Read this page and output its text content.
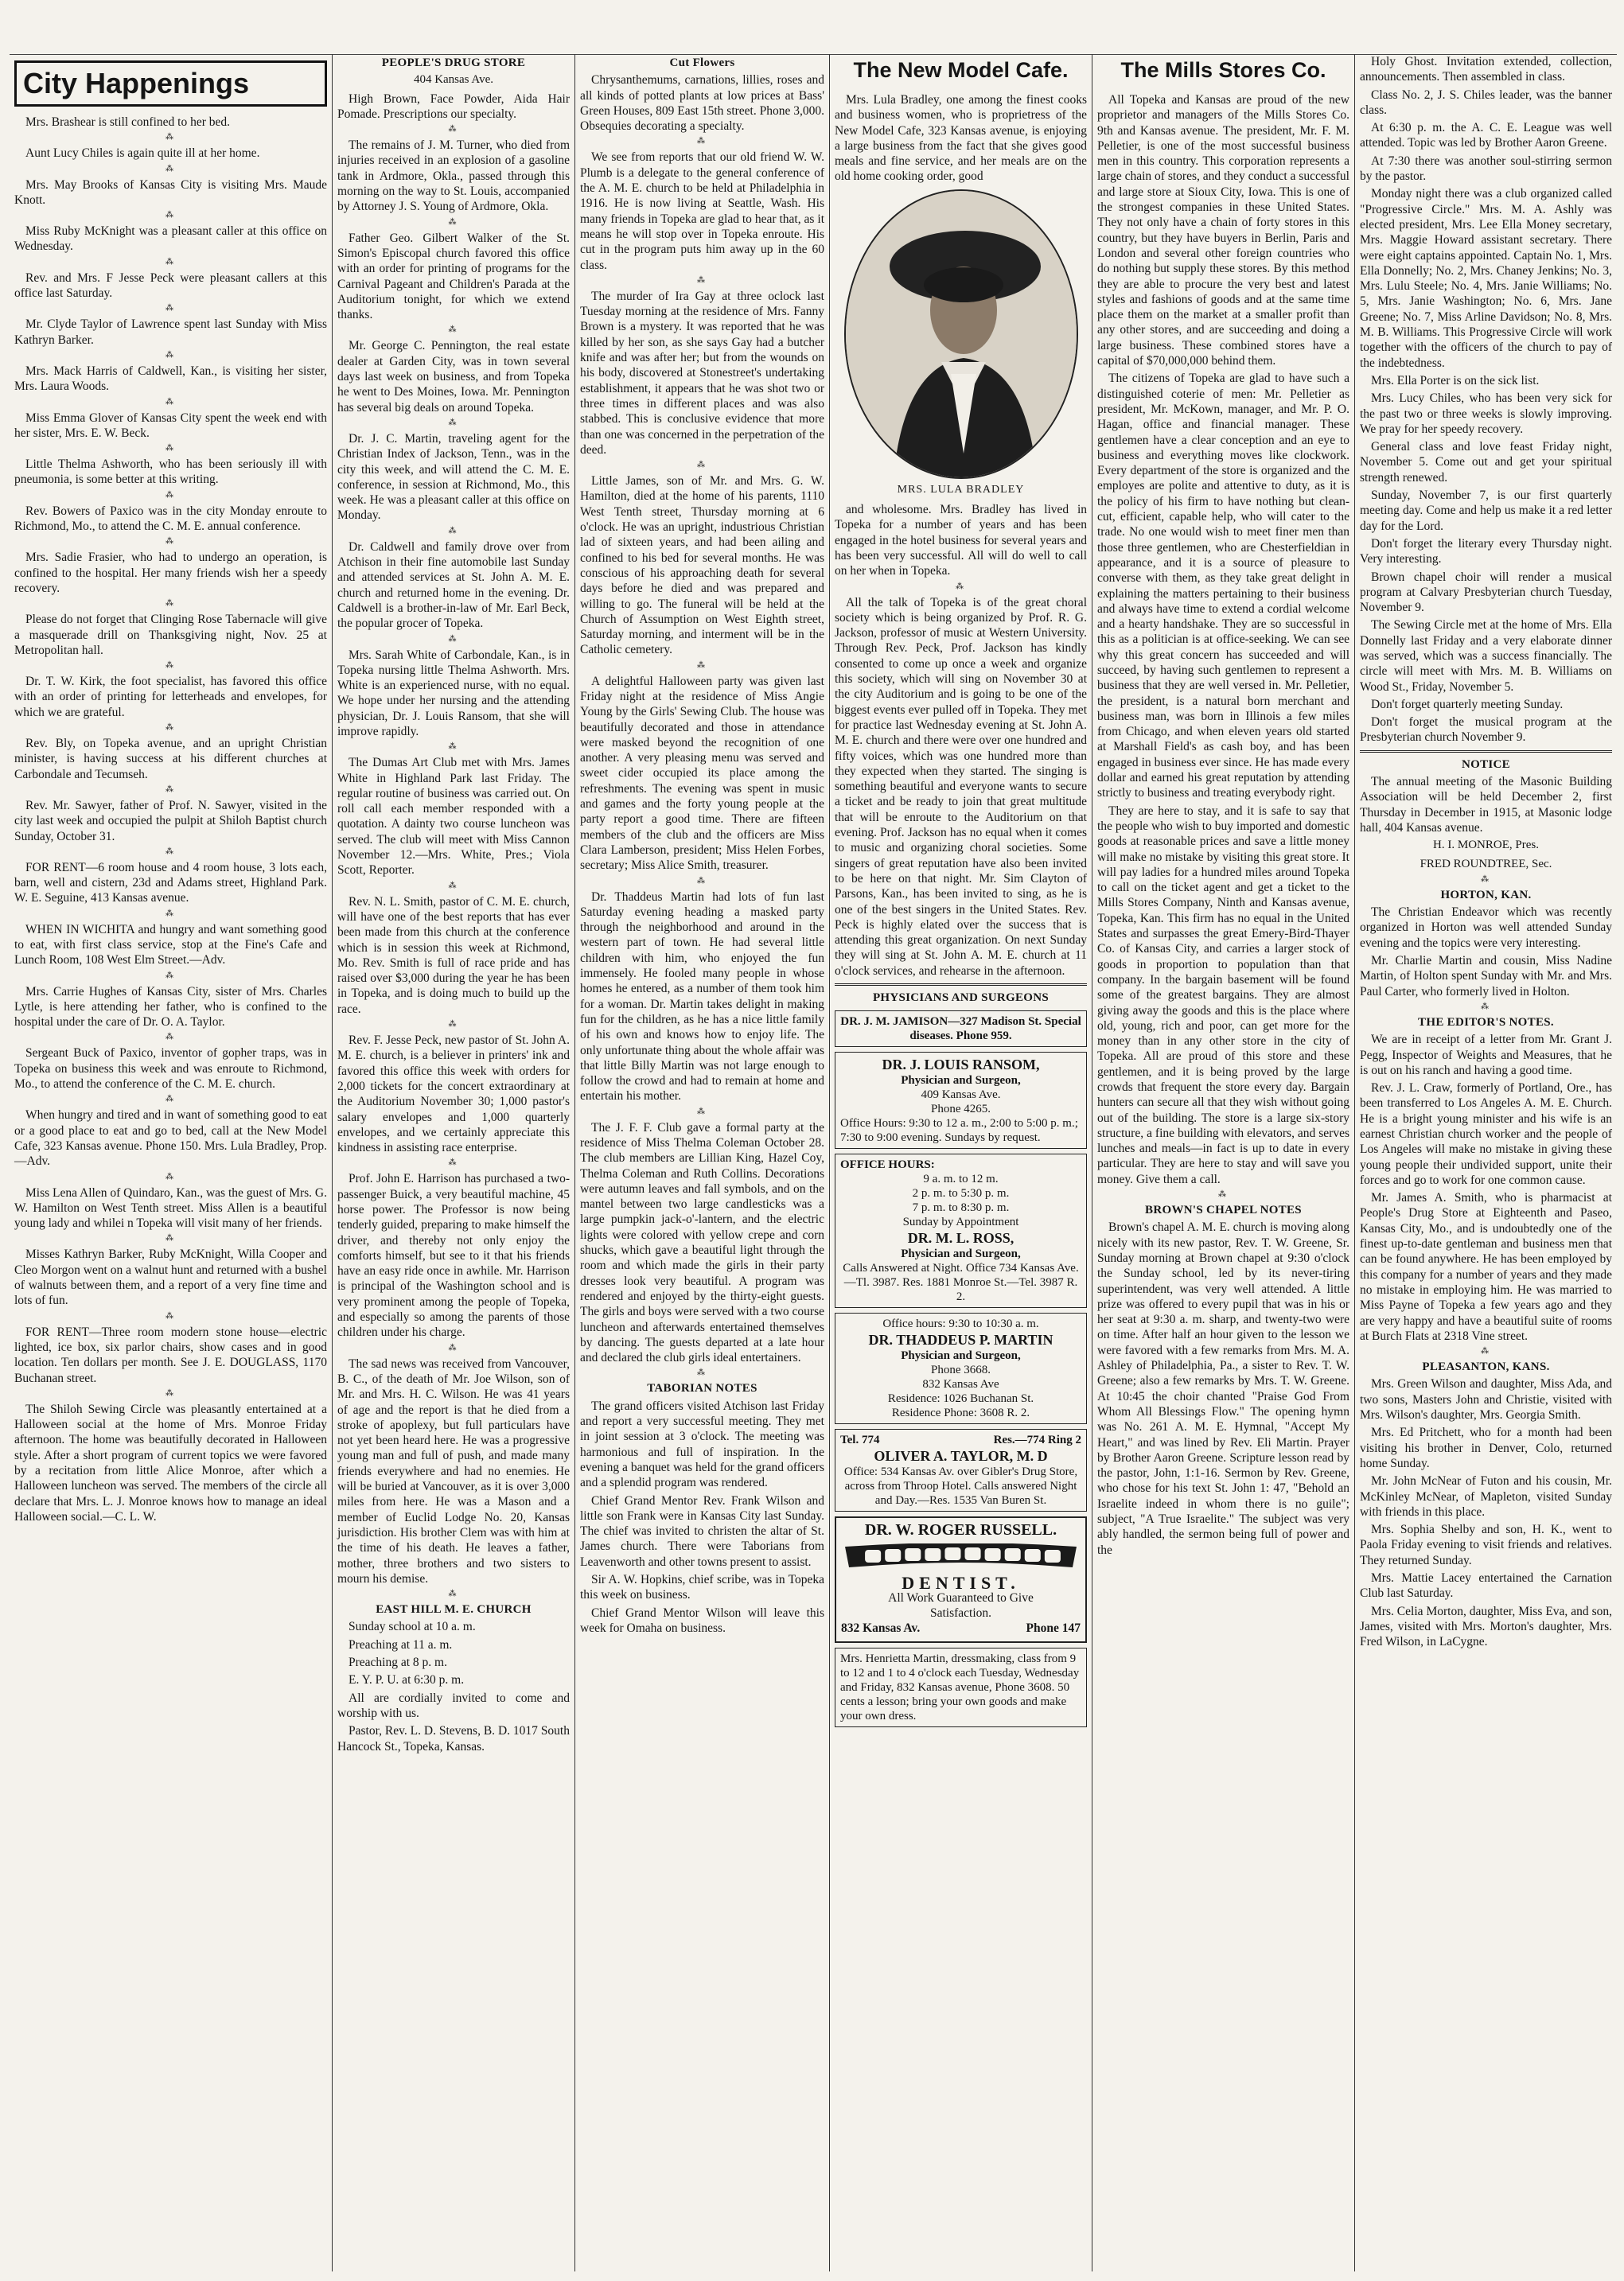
City Happenings

Mrs. Brashear is still confined to her bed.

⁂

Aunt Lucy Chiles is again quite ill at her home.

⁂

Mrs. May Brooks of Kansas City is visiting Mrs. Maude Knott.

⁂

Miss Ruby McKnight was a pleasant caller at this office on Wednesday.

⁂

Rev. and Mrs. F Jesse Peck were pleasant callers at this office last Saturday.

⁂

Mr. Clyde Taylor of Lawrence spent last Sunday with Miss Kathryn Barker.

⁂

Mrs. Mack Harris of Caldwell, Kan., is visiting her sister, Mrs. Laura Woods.

⁂

Miss Emma Glover of Kansas City spent the week end with her sister, Mrs. E. W. Beck.

⁂

Little Thelma Ashworth, who has been seriously ill with pneumonia, is some better at this writing.

⁂

Rev. Bowers of Paxico was in the city Monday enroute to Richmond, Mo., to attend the C. M. E. annual conference.

⁂

Mrs. Sadie Frasier, who had to undergo an operation, is confined to the hospital. Her many friends wish her a speedy recovery.

⁂

Please do not forget that Clinging Rose Tabernacle will give a masquerade drill on Thanksgiving night, Nov. 25 at Metropolitan hall.

⁂

Dr. T. W. Kirk, the foot specialist, has favored this office with an order of printing for letterheads and envelopes, for which we are grateful.

⁂

Rev. Bly, on Topeka avenue, and an upright Christian minister, is having success at his different churches at Carbondale and Tecumseh.

⁂

Rev. Mr. Sawyer, father of Prof. N. Sawyer, visited in the city last week and occupied the pulpit at Shiloh Baptist church Sunday, October 31.

⁂

FOR RENT—6 room house and 4 room house, 3 lots each, barn, well and cistern, 23d and Adams street, Highland Park. W. E. Seguine, 413 Kansas avenue.

⁂

WHEN IN WICHITA and hungry and want something good to eat, with first class service, stop at the Fine's Cafe and Lunch Room, 108 West Elm Street.—Adv.

⁂

Mrs. Carrie Hughes of Kansas City, sister of Mrs. Charles Lytle, is here attending her father, who is confined to the hospital under the care of Dr. O. A. Taylor.

⁂

Sergeant Buck of Paxico, inventor of gopher traps, was in Topeka on business this week and was enroute to Richmond, Mo., to attend the conference of the C. M. E. church.

⁂

When hungry and tired and in want of something good to eat or a good place to eat and go to bed, call at the New Model Cafe, 323 Kansas avenue. Phone 150. Mrs. Lula Bradley, Prop.—Adv.

⁂

Miss Lena Allen of Quindaro, Kan., was the guest of Mrs. G. W. Hamilton on West Tenth street. Miss Allen is a beautiful young lady and whilei n Topeka will visit many of her friends.

⁂

Misses Kathryn Barker, Ruby McKnight, Willa Cooper and Cleo Morgon went on a walnut hunt and returned with a bushel of walnuts between them, and a report of a very fine time and lots of fun.

⁂

FOR RENT—Three room modern stone house—electric lighted, ice box, six parlor chairs, show cases and in good location. Ten dollars per month. See J. E. DOUGLASS, 1170 Buchanan street.

⁂

The Shiloh Sewing Circle was pleasantly entertained at a Halloween social at the home of Mrs. Monroe Friday afternoon. The home was beautifully decorated in Halloween style. After a short program of current topics we were favored by a recitation from little Alice Monroe, after which a Halloween luncheon was served. The members of the circle all declare that Mrs. L. J. Monroe knows how to manage an ideal Halloween social.—C. L. W.

PEOPLE'S DRUG STORE
404 Kansas Ave.

High Brown, Face Powder, Aida Hair Pomade. Prescriptions our specialty.

⁂

The remains of J. M. Turner, who died from injuries received in an explosion of a gasoline tank in Ardmore, Okla., passed through this morning on the way to St. Louis, accompanied by Attorney J. S. Young of Ardmore, Okla.

⁂

Father Geo. Gilbert Walker of the St. Simon's Episcopal church favored this office with an order for printing of programs for the Carnival Pageant and Children's Parada at the Auditorium tonight, for which we extend thanks.

⁂

Mr. George C. Pennington, the real estate dealer at Garden City, was in town several days last week on business, and from Topeka he went to Des Moines, Iowa. Mr. Pennington has several big deals on around Topeka.

⁂

Dr. J. C. Martin, traveling agent for the Christian Index of Jackson, Tenn., was in the city this week, and will attend the C. M. E. conference, in session at Richmond, Mo., this week. He was a pleasant caller at this office on Monday.

⁂

Dr. Caldwell and family drove over from Atchison in their fine automobile last Sunday and attended services at St. John A. M. E. church and returned home in the evening. Dr. Caldwell is a brother-in-law of Mr. Earl Beck, the popular grocer of Topeka.

⁂

Mrs. Sarah White of Carbondale, Kan., is in Topeka nursing little Thelma Ashworth. Mrs. White is an experienced nurse, with no equal. We hope under her nursing and the attending physician, Dr. J. Louis Ransom, that she will improve rapidly.

⁂

The Dumas Art Club met with Mrs. James White in Highland Park last Friday. The regular routine of business was carried out. On roll call each member responded with a quotation. A dainty two course luncheon was served. The club will meet with Miss Cannon November 12.—Mrs. White, Pres.; Viola Scott, Reporter.

⁂

Rev. N. L. Smith, pastor of C. M. E. church, will have one of the best reports that has ever been made from this church at the conference which is in session this week at Richmond, Mo. Rev. Smith is full of race pride and has raised over $3,000 during the year he has been in Topeka, and is doing much to build up the race.

⁂

Rev. F. Jesse Peck, new pastor of St. John A. M. E. church, is a believer in printers' ink and favored this office this week with orders for 2,000 tickets for the concert extraordinary at the Auditorium November 30; 1,000 pastor's salary envelopes and 1,000 quarterly envelopes, and we certainly appreciate this kindness in assisting race enterprise.

⁂

Prof. John E. Harrison has purchased a two-passenger Buick, a very beautiful machine, 45 horse power. The Professor is now being tenderly guided, preparing to make himself the driver, and thereby not only enjoy the comforts himself, but see to it that his friends have an easy ride once in awhile. Mr. Harrison is principal of the Washington school and is very prominent among the people of Topeka, and especially so among the parents of those children under his charge.

⁂

The sad news was received from Vancouver, B. C., of the death of Mr. Joe Wilson, son of Mr. and Mrs. H. C. Wilson. He was 41 years of age and the report is that he died from a stroke of apoplexy, but full particulars have not yet been heard here. He was a progressive young man and full of push, and made many friends everywhere and had no enemies. He will be buried at Vancouver, as it is over 3,000 miles from here. He was a Mason and a member of Euclid Lodge No. 20, Kansas jurisdiction. His brother Clem was with him at the time of his death. He leaves a father, mother, three brothers and two sisters to mourn his demise.

⁂
EAST HILL M. E. CHURCH

Sunday school at 10 a. m.

Preaching at 11 a. m.

Preaching at 8 p. m.

E. Y. P. U. at 6:30 p. m.

All are cordially invited to come and worship with us.

Pastor, Rev. L. D. Stevens, B. D. 1017 South Hancock St., Topeka, Kansas.

Cut Flowers

Chrysanthemums, carnations, lillies, roses and all kinds of potted plants at low prices at Bass' Green Houses, 809 East 15th street. Phone 3,000. Obsequies decorating a specialty.

⁂

We see from reports that our old friend W. W. Plumb is a delegate to the general conference of the A. M. E. church to be held at Philadelphia in 1916. He is now living at Seattle, Wash. His many friends in Topeka are glad to hear that, as it means he will stop over in Topeka enroute. His cut in the program puts him away up in the 60 class.

⁂

The murder of Ira Gay at three oclock last Tuesday morning at the residence of Mrs. Fanny Brown is a mystery. It was reported that he was killed by her son, as she says Gay had a butcher knife and was after her; but from the wounds on his body, discovered at Stonestreet's undertaking establishment, it appears that he was shot two or three times in different places and was also stabbed. This is conclusive evidence that more than one was concerned in the perpetration of the deed.

⁂

Little James, son of Mr. and Mrs. G. W. Hamilton, died at the home of his parents, 1110 West Tenth street, Thursday morning at 6 o'clock. He was an upright, industrious Christian lad of sixteen years, and had been ailing and confined to his bed for several months. He was conscious of his approaching death for several days before he died and was prepared and willing to go. The funeral will be held at the Church of Assumption on West Eighth street, Saturday morning, and interment will be in the Catholic cemetery.

⁂

A delightful Halloween party was given last Friday night at the residence of Miss Angie Young by the Girls' Sewing Club. The house was beautifully decorated and those in attendance were masked beyond the recognition of one another. A very pleasing menu was served and sweet cider occupied its place among the refreshments. The evening was spent in music and games and the forty young people at the party report a good time. There are fifteen members of the club and the officers are Miss Clara Lamberson, president; Miss Helen Forbes, secretary; Miss Alice Smith, treasurer.

⁂

Dr. Thaddeus Martin had lots of fun last Saturday evening heading a masked party through the neighborhood and around in the western part of town. He had several little children with him, who enjoyed the fun immensely. He fooled many people in whose homes he entered, as a number of them took him for a woman. Dr. Martin takes delight in making fun for the children, as he has a nice little family of his own and knows how to enjoy life. The only unfortunate thing about the whole affair was that little Billy Martin was not large enough to follow the crowd and had to remain at home and entertain his mother.

⁂

The J. F. F. Club gave a formal party at the residence of Miss Thelma Coleman October 28. The club members are Lillian King, Hazel Coy, Thelma Coleman and Ruth Collins. Decorations were autumn leaves and fall symbols, and on the mantel between two large candlesticks was a large pumpkin jack-o'-lantern, and the electric lights were colored with yellow crepe and corn shucks, which gave a beautiful light through the room and which made the girls in their party dresses look very beautiful. A program was rendered and enjoyed by the thirty-eight guests. The girls and boys were served with a two course luncheon and afterwards entertained themselves by dancing. The guests departed at a late hour and declared the club girls ideal entertainers.

⁂
TABORIAN NOTES

The grand officers visited Atchison last Friday and report a very successful meeting. They met in joint session at 3 o'clock. The meeting was harmonious and full of inspiration. In the evening a banquet was held for the grand officers and a splendid program was rendered.

Chief Grand Mentor Rev. Frank Wilson and little son Frank were in Kansas City last Sunday. The chief was invited to christen the altar of St. James church. There were Taborians from Leavenworth and other towns present to assist.

Sir A. W. Hopkins, chief scribe, was in Topeka this week on business.

Chief Grand Mentor Wilson will leave this week for Omaha on business.

The New Model Cafe.

Mrs. Lula Bradley, one among the finest cooks and business women, who is proprietress of the New Model Cafe, 323 Kansas avenue, is enjoying a large business from the fact that she gives good meals and fine service, and her meals are on the old home cooking order, good

MRS. LULA BRADLEY

and wholesome. Mrs. Bradley has lived in Topeka for a number of years and has been engaged in the hotel business for several years and has been very successful. All will do well to call on her when in Topeka.

⁂

All the talk of Topeka is of the great choral society which is being organized by Prof. R. G. Jackson, professor of music at Western University. Through Rev. Peck, Prof. Jackson has kindly consented to come up once a week and organize this society, which will sing on November 30 at the city Auditorium and is going to be one of the biggest events ever pulled off in Topeka. They met for practice last Wednesday evening at St. John A. M. E. church and there were over one hundred and fifty voices, which was one hundred more than they expected when they started. The singing is something beautiful and everyone wants to secure a ticket and be ready to join that great multitude that will be enroute to the Auditorium on that evening. Prof. Jackson has no equal when it comes to music and organizing choral societies. Some singers of great reputation have also been invited to be here on that night. Mr. Sim Clayton of Parsons, Kan., has been invited to sing, as he is one of the best singers in the United States. Rev. Peck is highly elated over the success that is attending this great organization. On next Sunday they will sing at St. John A. M. E. church at 11 o'clock services, and rehearse in the afternoon.

PHYSICIANS AND SURGEONS
DR. J. M. JAMISON—327 Madison St. Special diseases. Phone 959.
DR. J. LOUIS RANSOM,
Physician and Surgeon,
409 Kansas Ave.
Phone 4265.
Office Hours: 9:30 to 12 a. m., 2:00 to 5:00 p. m.; 7:30 to 9:00 evening. Sundays by request.
OFFICE HOURS:
9 a. m. to 12 m.
2 p. m. to 5:30 p. m.
7 p. m. to 8:30 p. m.
Sunday by Appointment
DR. M. L. ROSS,
Physician and Surgeon,
Calls Answered at Night. Office 734 Kansas Ave.—Tl. 3987. Res. 1881 Monroe St.—Tel. 3987 R. 2.
Office hours: 9:30 to 10:30 a. m.
DR. THADDEUS P. MARTIN
Physician and Surgeon,
Phone 3668.
832 Kansas Ave
Residence: 1026 Buchanan St.
Residence Phone: 3608 R. 2.
Tel. 774	Res.—774 Ring 2
OLIVER A. TAYLOR, M. D
Office: 534 Kansas Av. over Gibler's Drug Store, across from Throop Hotel. Calls answered Night and Day.—Res. 1535 Van Buren St.
DR. W. ROGER RUSSELL.
DENTIST.
All Work Guaranteed to Give
Satisfaction.
832 Kansas Av.	Phone 147
Mrs. Henrietta Martin, dressmaking, class from 9 to 12 and 1 to 4 o'clock each Tuesday, Wednesday and Friday, 832 Kansas avenue, Phone 3608. 50 cents a lesson; bring your own goods and make your own dress.
The Mills Stores Co.

All Topeka and Kansas are proud of the new proprietor and managers of the Mills Stores Co. 9th and Kansas avenue. The president, Mr. F. M. Pelletier, is one of the most successful business men in this country. This corporation represents a large chain of stores, and they conduct a successful and large store at Sioux City, Iowa. This is one of the strongest companies in these United States. They not only have a chain of forty stores in this country, but they have buyers in Berlin, Paris and London and several other foreign countries who do nothing but supply these stores. By this method they are able to procure the very best and latest styles and fashions of goods and at the same time place them on the market at a smaller profit than any other stores, and are succeeding and doing a large business. These combined stores have a capital of $70,000,000 behind them.

The citizens of Topeka are glad to have such a distinguished coterie of men: Mr. Pelletier as president, Mr. McKown, manager, and Mr. P. O. Hagan, office and financial manager. These gentlemen have a clear conception and an eye to business and everything moves like clockwork. Every department of the store is organized and the employes are polite and attentive to duty, as it is the policy of his firm to have nothing but clean-cut, efficient, capable help, who will cater to the trade. No one would wish to meet finer men than those three gentlemen, who are Chesterfieldian in appearance, and it is a source of pleasure to converse with them, as they take great delight in explaining the matters pertaining to their business and always have time to extend a cordial welcome and a hearty handshake. They are so successful in this as a politician is at office-seeking. We can see why this great concern has succeeded and will succeed, by having such gentlemen to represent a business that they are well versed in. Mr. Pelletier, the president, is a natural born merchant and business man, was born in Illinois a few miles from Chicago, and when eleven years old started at Marshall Field's as cash boy, and has been engaged in business ever since. He has made every dollar and earned his great reputation by attending strictly to business and treating everybody right.

They are here to stay, and it is safe to say that the people who wish to buy imported and domestic goods at reasonable prices and save a little money will make no mistake by visiting this great store. It will pay ladies for a hundred miles around Topeka to call on the ticket agent and get a ticket to the Mills Stores Company, Ninth and Kansas avenue, Topeka, Kan. This firm has no equal in the United States and surpasses the great Emery-Bird-Thayer Co. of Kansas City, and carries a larger stock of goods in proportion to population than that company. In the bargain basement will be found some of the greatest bargains. They are almost giving away the goods and this is the place where old, young, rich and poor, can get more for the money than in any other store in the city of Topeka. All are proud of this store and these gentlemen, and it is being proved by the large crowds that frequent the store every day. Bargain hunters can secure all that they wish without going out of the building. The store is a large six-story structure, a fine building with elevators, and serves lunches and meals—in fact is up to date in every particular. They are here to stay and will save you money. Give them a call.

⁂
BROWN'S CHAPEL NOTES

Brown's chapel A. M. E. church is moving along nicely with its new pastor, Rev. T. W. Greene, Sr. Sunday morning at Brown chapel at 9:30 o'clock the Sunday school, led by its never-tiring superintendent, was very well attended. A little prize was offered to every pupil that was in his or her seat at 9:30 a. m. sharp, and twenty-two were on time. After half an hour given to the lesson we were favored with a few remarks from Mrs. M. A. Ashley of Philadelphia, Pa., a sister to Rev. T. W. Greene; also a few remarks by Mrs. T. W. Greene. At 10:45 the choir chanted "Praise God From Whom All Blessings Flow." The opening hymn was No. 261 A. M. E. Hymnal, "Accept My Heart," and was lined by Rev. Eli Martin. Prayer by Brother Aaron Greene. Scripture lesson read by the pastor, John, 1:1-16. Sermon by Rev. Greene, who chose for his text St. John 1: 47, "Behold an Israelite indeed in whom there is no guile"; subject, "A True Israelite." The subject was very ably handled, the sermon being full of power and the

Holy Ghost. Invitation extended, collection, announcements. Then assembled in class.

Class No. 2, J. S. Chiles leader, was the banner class.

At 6:30 p. m. the A. C. E. League was well attended. Topic was led by Brother Aaron Greene.

At 7:30 there was another soul-stirring sermon by the pastor.

Monday night there was a club organized called "Progressive Circle." Mrs. M. A. Ashly was elected president, Mrs. Lee Ella Money secretary, Mrs. Maggie Howard assistant secretary. There were eight captains appointed. Captain No. 1, Mrs. Ella Donnelly; No. 2, Mrs. Chaney Jenkins; No. 3, Mrs. Lulu Steele; No. 4, Mrs. Janie Williams; No. 5, Mrs. Janie Washington; No. 6, Mrs. Jane Greene; No. 7, Miss Arline Davidson; No. 8, Mrs. M. B. Williams. This Progressive Circle will work together with the officers of the church to pay of the indebtedness.

Mrs. Ella Porter is on the sick list.

Mrs. Lucy Chiles, who has been very sick for the past two or three weeks is slowly improving. We pray for her speedy recovery.

General class and love feast Friday night, November 5. Come out and get your spiritual strength renewed.

Sunday, November 7, is our first quarterly meeting day. Come and help us make it a red letter day for the Lord.

Don't forget the literary every Thursday night. Very interesting.

Brown chapel choir will render a musical program at Calvary Presbyterian church Tuesday, November 9.

The Sewing Circle met at the home of Mrs. Ella Donnelly last Friday and a very elaborate dinner was served, which was a success financially. The circle will meet with Mrs. M. B. Williams on Wood St., Friday, November 5.

Don't forget quarterly meeting Sunday.

Don't forget the musical program at the Presbyterian church November 9.

NOTICE

The annual meeting of the Masonic Building Association will be held December 2, first Thursday in December in 1915, at Masonic lodge hall, 404 Kansas avenue.

H. I. MONROE, Pres.
FRED ROUNDTREE, Sec.
⁂
HORTON, KAN.

The Christian Endeavor which was recently organized in Horton was well attended Sunday evening and the topics were very interesting.

Mr. Charlie Martin and cousin, Miss Nadine Martin, of Holton spent Sunday with Mr. and Mrs. Paul Carter, who formerly lived in Holton.

⁂
THE EDITOR'S NOTES.

We are in receipt of a letter from Mr. Grant J. Pegg, Inspector of Weights and Measures, that he is out on his ranch and having a good time.

Rev. J. L. Craw, formerly of Portland, Ore., has been transferred to Los Angeles A. M. E. Church. He is a bright young minister and his wife is an earnest Christian church worker and the people of Los Angeles will make no mistake in giving these young people their undivided support, unite their forces and go to work for one common cause.

Mr. James A. Smith, who is pharmacist at People's Drug Store at Eighteenth and Paseo, Kansas City, Mo., and is undoubtedly one of the finest up-to-date gentleman and business men that can be found anywhere. He has been employed by this company for a number of years and they made no mistake in employing him. He was married to Miss Payne of Topeka a few years ago and they are very happy and have a beautiful suite of rooms at Burch Flats at 2318 Vine street.

⁂
PLEASANTON, KANS.

Mrs. Green Wilson and daughter, Miss Ada, and two sons, Masters John and Christie, visited with Mrs. Wilson's daughter, Mrs. Georgia Smith.

Mrs. Ed Pritchett, who for a month had been visiting his brother in Denver, Colo, returned home Sunday.

Mr. John McNear of Futon and his cousin, Mr. McKinley McNear, of Mapleton, visited Sunday with friends in this place.

Mrs. Sophia Shelby and son, H. K., went to Paola Friday evening to visit friends and relatives. They returned Sunday.

Mrs. Mattie Lacey entertained the Carnation Club last Saturday.

Mrs. Celia Morton, daughter, Miss Eva, and son, James, visited with Mrs. Morton's daughter, Mrs. Fred Wilson, in LaCygne.
